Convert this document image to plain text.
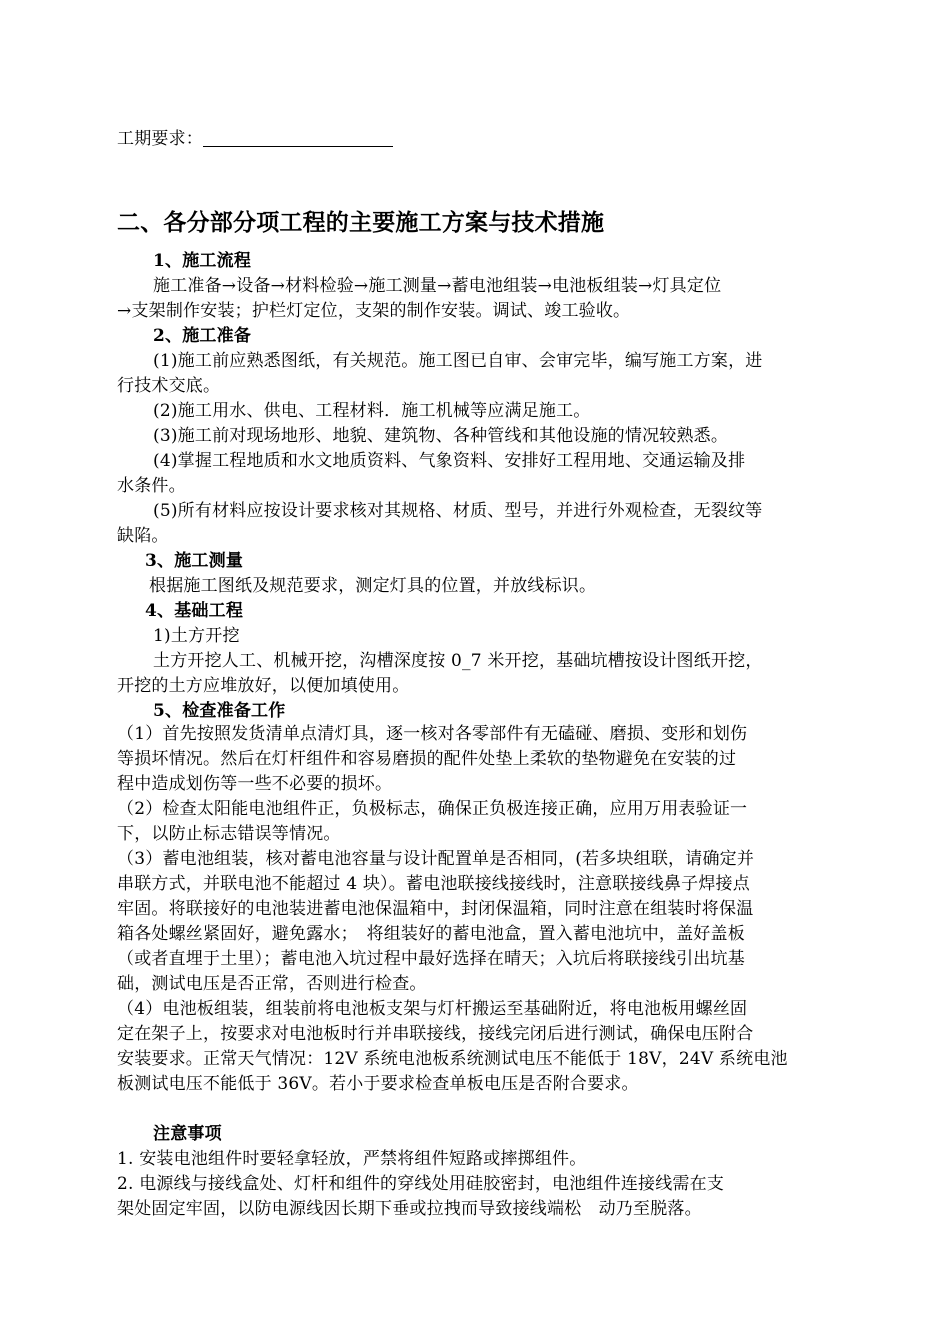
工期要求：
二、各分部分项工程的主要施工方案与技术措施
1、施工流程
施工准备→设备→材料检验→施工测量→蓄电池组装→电池板组装→灯具定位
→支架制作安装；护栏灯定位，支架的制作安装。调试、竣工验收。
2、施工准备
(1)施工前应熟悉图纸，有关规范。施工图已自审、会审完毕，编写施工方案，进
行技术交底。
(2)施工用水、供电、工程材料．施工机械等应满足施工。
(3)施工前对现场地形、地貌、建筑物、各种管线和其他设施的情况较熟悉。
(4)掌握工程地质和水文地质资料、气象资料、安排好工程用地、交通运输及排
水条件。
(5)所有材料应按设计要求核对其规格、材质、型号，并进行外观检查，无裂纹等
缺陷。
3、施工测量
根据施工图纸及规范要求，测定灯具的位置，并放线标识。
4、基础工程
1)土方开挖
土方开挖人工、机械开挖，沟槽深度按 0_7 米开挖，基础坑槽按设计图纸开挖，
开挖的土方应堆放好，以便加填使用。
5、检查准备工作
（1）首先按照发货清单点清灯具，逐一核对各零部件有无磕碰、磨损、变形和划伤
等损坏情况。然后在灯杆组件和容易磨损的配件处垫上柔软的垫物避免在安装的过
程中造成划伤等一些不必要的损坏。
（2）检查太阳能电池组件正，负极标志，确保正负极连接正确，应用万用表验证一
下，以防止标志错误等情况。
（3）蓄电池组装，核对蓄电池容量与设计配置单是否相同，(若多块组联，请确定并
串联方式，并联电池不能超过 4 块）。蓄电池联接线接线时，注意联接线鼻子焊接点
牢固。将联接好的电池装进蓄电池保温箱中，封闭保温箱，同时注意在组装时将保温
箱各处螺丝紧固好，避免露水；　将组装好的蓄电池盒，置入蓄电池坑中，盖好盖板
（或者直埋于土里）；蓄电池入坑过程中最好选择在晴天；入坑后将联接线引出坑基
础，测试电压是否正常，否则进行检查。
（4）电池板组装，组装前将电池板支架与灯杆搬运至基础附近，将电池板用螺丝固
定在架子上，按要求对电池板时行并串联接线，接线完闭后进行测试，确保电压附合
安装要求。正常天气情况：12V 系统电池板系统测试电压不能低于 18V，24V 系统电池
板测试电压不能低于 36V。若小于要求检查单板电压是否附合要求。
注意事项
1. 安装电池组件时要轻拿轻放，严禁将组件短路或摔掷组件。
2. 电源线与接线盒处、灯杆和组件的穿线处用硅胶密封，电池组件连接线需在支
架处固定牢固，以防电源线因长期下垂或拉拽而导致接线端松　动乃至脱落。
